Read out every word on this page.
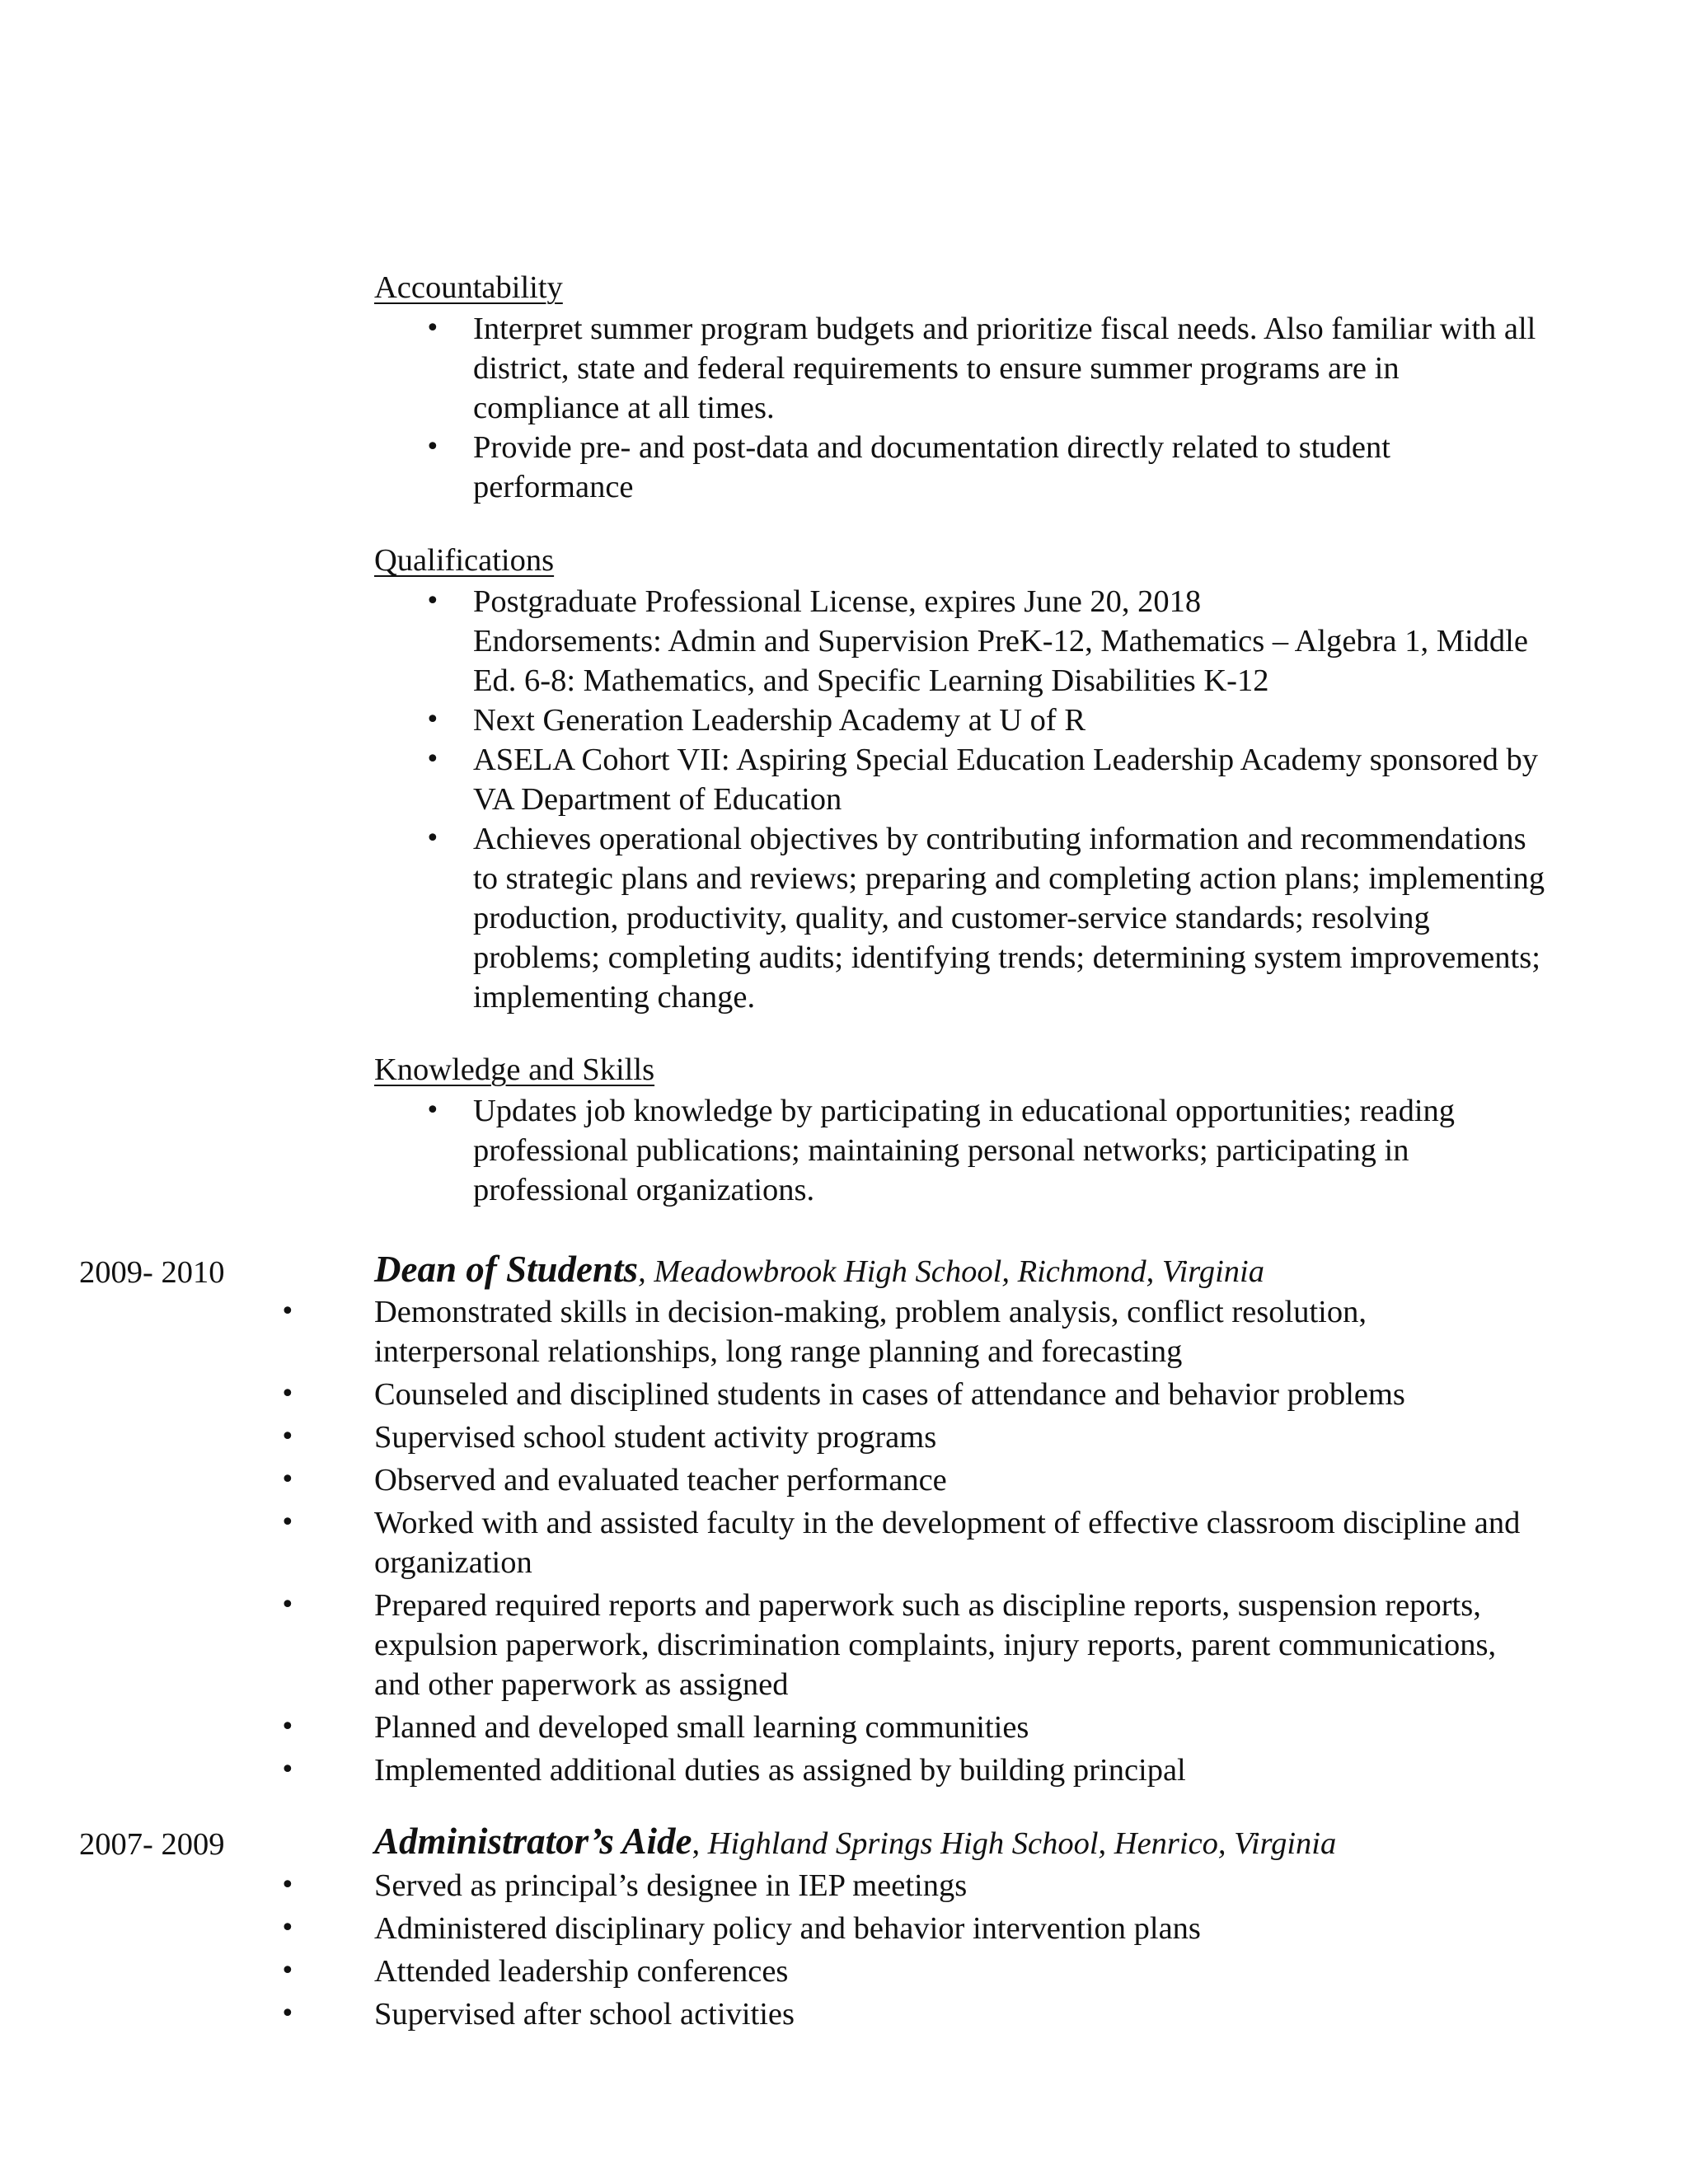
Accountability
• Interpret summer program budgets and prioritize fiscal needs. Also familiar with all district, state and federal requirements to ensure summer programs are in compliance at all times.
• Provide pre- and post-data and documentation directly related to student performance
Qualifications
• Postgraduate Professional License, expires June 20, 2018
Endorsements: Admin and Supervision PreK-12, Mathematics – Algebra 1, Middle Ed. 6-8: Mathematics, and Specific Learning Disabilities K-12
• Next Generation Leadership Academy at U of R
• ASELA Cohort VII: Aspiring Special Education Leadership Academy sponsored by VA Department of Education
• Achieves operational objectives by contributing information and recommendations to strategic plans and reviews; preparing and completing action plans; implementing production, productivity, quality, and customer-service standards; resolving problems; completing audits; identifying trends; determining system improvements; implementing change.
Knowledge and Skills
• Updates job knowledge by participating in educational opportunities; reading professional publications; maintaining personal networks; participating in professional organizations.
2009- 2010	Dean of Students, Meadowbrook High School, Richmond, Virginia
• Demonstrated skills in decision-making, problem analysis, conflict resolution, interpersonal relationships, long range planning and forecasting
• Counseled and disciplined students in cases of attendance and behavior problems
• Supervised school student activity programs
• Observed and evaluated teacher performance
• Worked with and assisted faculty in the development of effective classroom discipline and organization
• Prepared required reports and paperwork such as discipline reports, suspension reports, expulsion paperwork, discrimination complaints, injury reports, parent communications, and other paperwork as assigned
• Planned and developed small learning communities
• Implemented additional duties as assigned by building principal
2007- 2009	Administrator’s Aide, Highland Springs High School, Henrico, Virginia
• Served as principal’s designee in IEP meetings
• Administered disciplinary policy and behavior intervention plans
• Attended leadership conferences
• Supervised after school activities
